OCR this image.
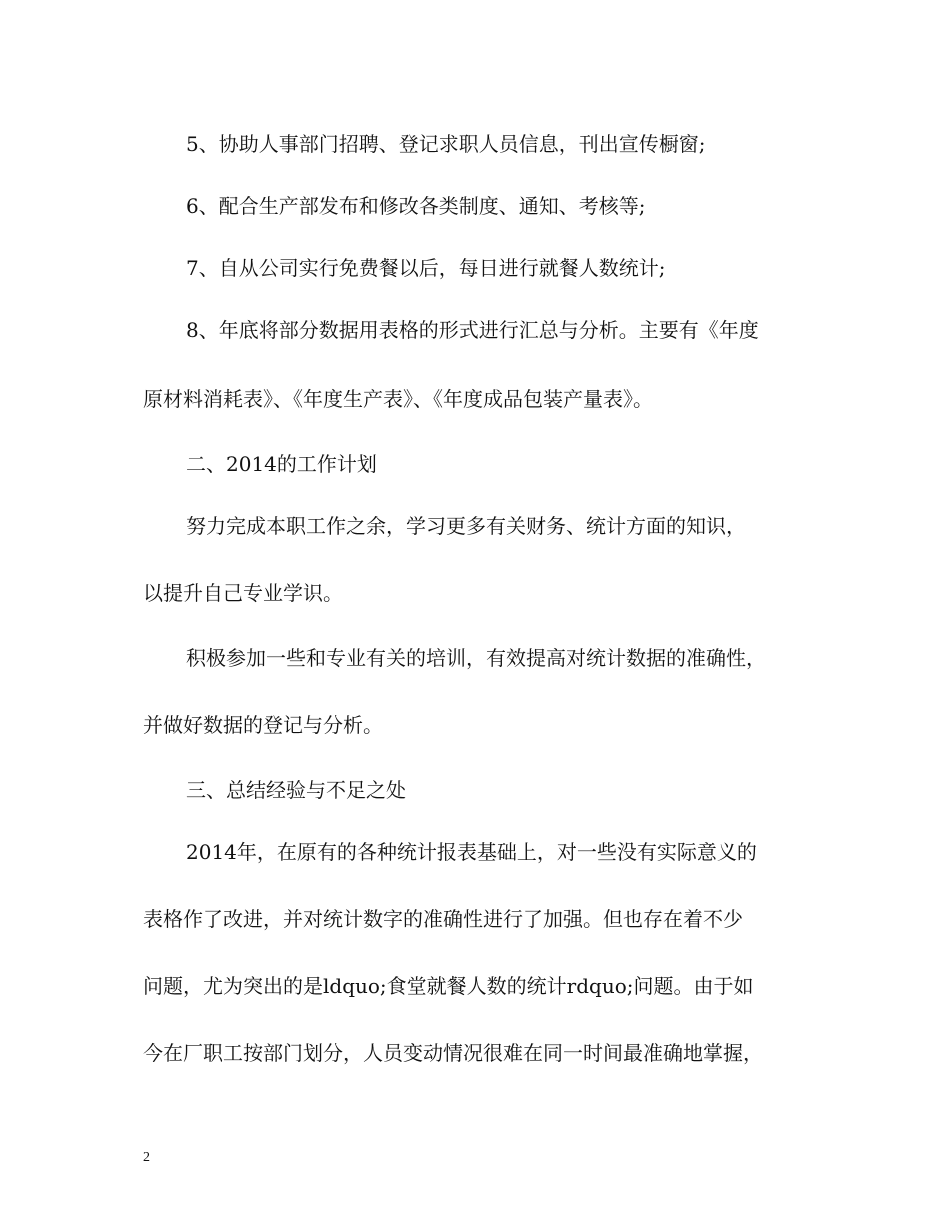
5、协助人事部门招聘、登记求职人员信息，刊出宣传橱窗;
6、配合生产部发布和修改各类制度、通知、考核等;
7、自从公司实行免费餐以后，每日进行就餐人数统计;
8、年底将部分数据用表格的形式进行汇总与分析。主要有《年度
原材料消耗表》、《年度生产表》、《年度成品包装产量表》。
二、2014的工作计划
努力完成本职工作之余，学习更多有关财务、统计方面的知识，
以提升自己专业学识。
积极参加一些和专业有关的培训，有效提高对统计数据的准确性，
并做好数据的登记与分析。
三、总结经验与不足之处
2014年，在原有的各种统计报表基础上，对一些没有实际意义的
表格作了改进，并对统计数字的准确性进行了加强。但也存在着不少
问题，尤为突出的是ldquo;食堂就餐人数的统计rdquo;问题。由于如
今在厂职工按部门划分，人员变动情况很难在同一时间最准确地掌握，
2
